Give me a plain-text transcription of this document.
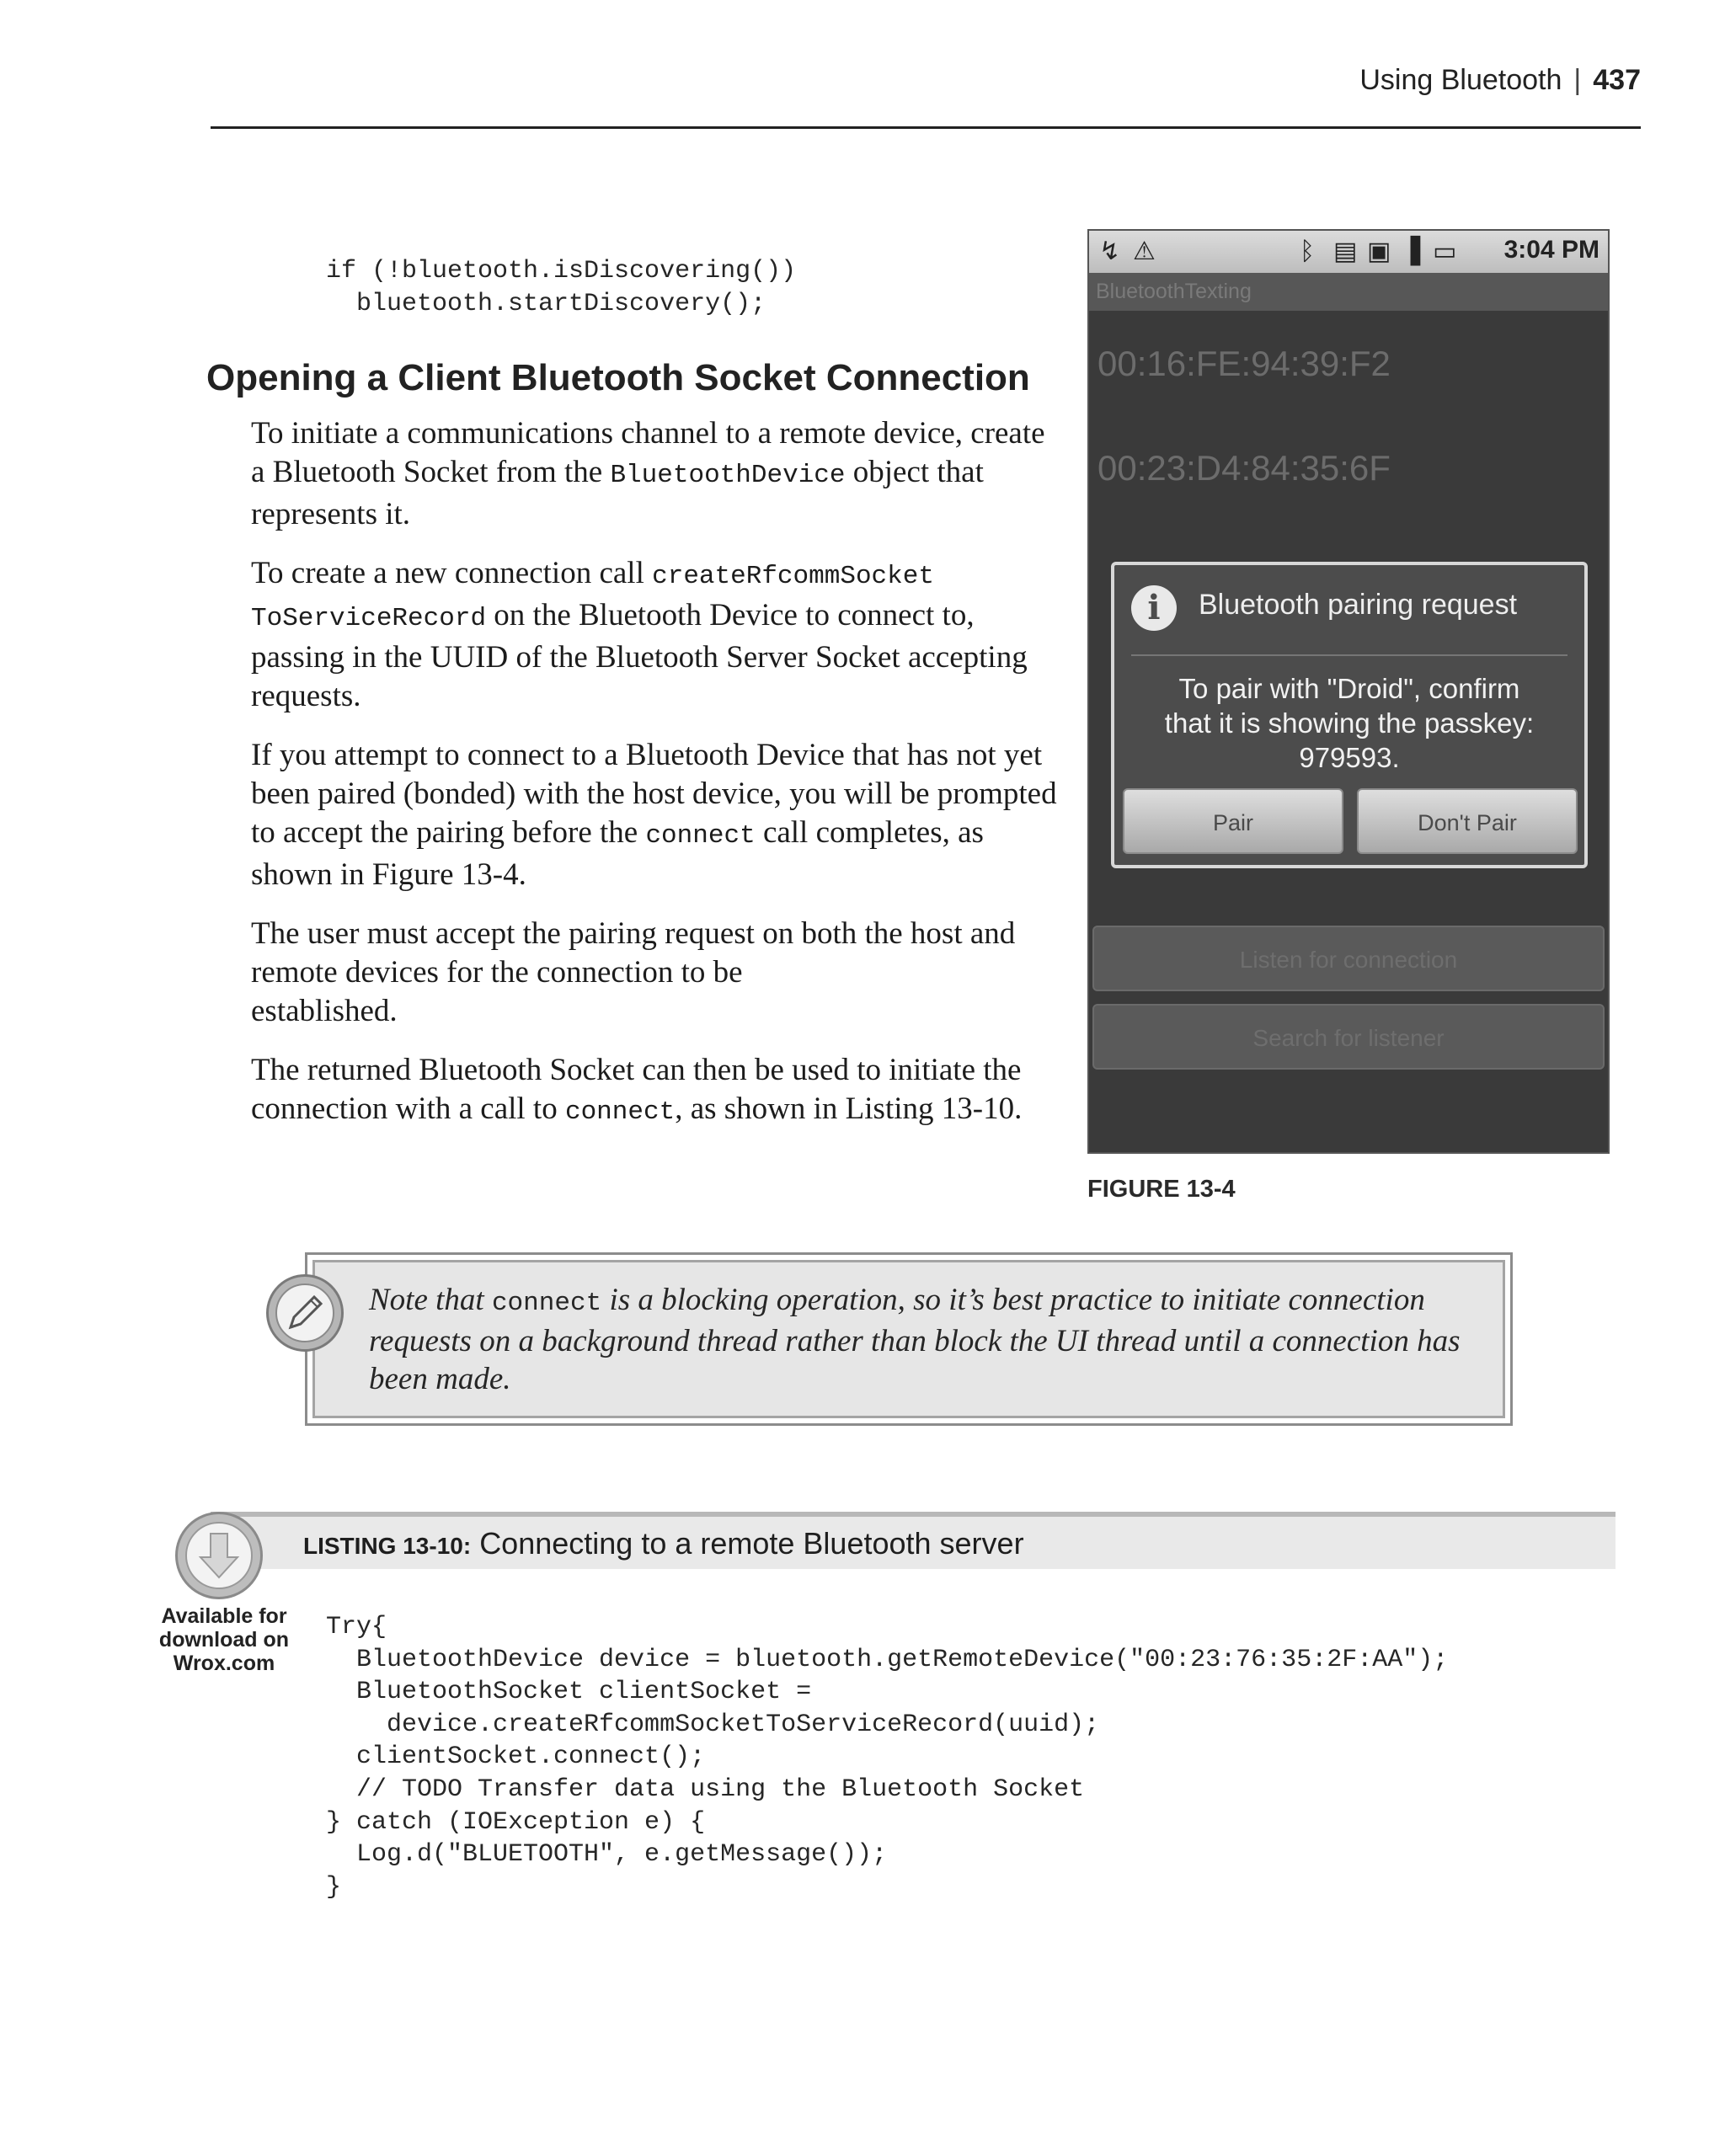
Using Bluetooth | 437
if (!bluetooth.isDiscovering())
bluetooth.startDiscovery();
Opening a Client Bluetooth Socket Connection

To initiate a communications channel to a remote device, create a Bluetooth Socket from the BluetoothDevice object that represents it.

To create a new connection call createRfcommSocket
ToServiceRecord on the Bluetooth Device to connect to, passing in the UUID of the Bluetooth Server Socket accepting requests.

If you attempt to connect to a Bluetooth Device that has not yet been paired (bonded) with the host device, you will be prompted to accept the pairing before the connect call completes, as shown in Figure 13-4.

The user must accept the pairing request on both the host and remote devices for the connection to be
established.

The returned Bluetooth Socket can then be used to initiate the connection with a call to connect, as shown in Listing 13-10.

↯ ⚠	ᛒ ▤ ▣ ▐ ▭ 3:04 PM
BluetoothTexting
00:16:FE:94:39:F2
00:23:D4:84:35:6F
i	Bluetooth pairing request
To pair with "Droid", confirm
that it is showing the passkey:
979593.
Pair	Don't Pair
Listen for connection
Search for listener
FIGURE 13-4
Note that connect is a blocking operation, so it’s best practice to initiate connection requests on a background thread rather than block the UI thread until a connection has been made.
LISTING 13-10: Connecting to a remote Bluetooth server
Available for
download on
Wrox.com
Try{
BluetoothDevice device = bluetooth.getRemoteDevice("00:23:76:35:2F:AA");
BluetoothSocket clientSocket =
device.createRfcommSocketToServiceRecord(uuid);
clientSocket.connect();
// TODO Transfer data using the Bluetooth Socket
} catch (IOException e) {
Log.d("BLUETOOTH", e.getMessage());
}
